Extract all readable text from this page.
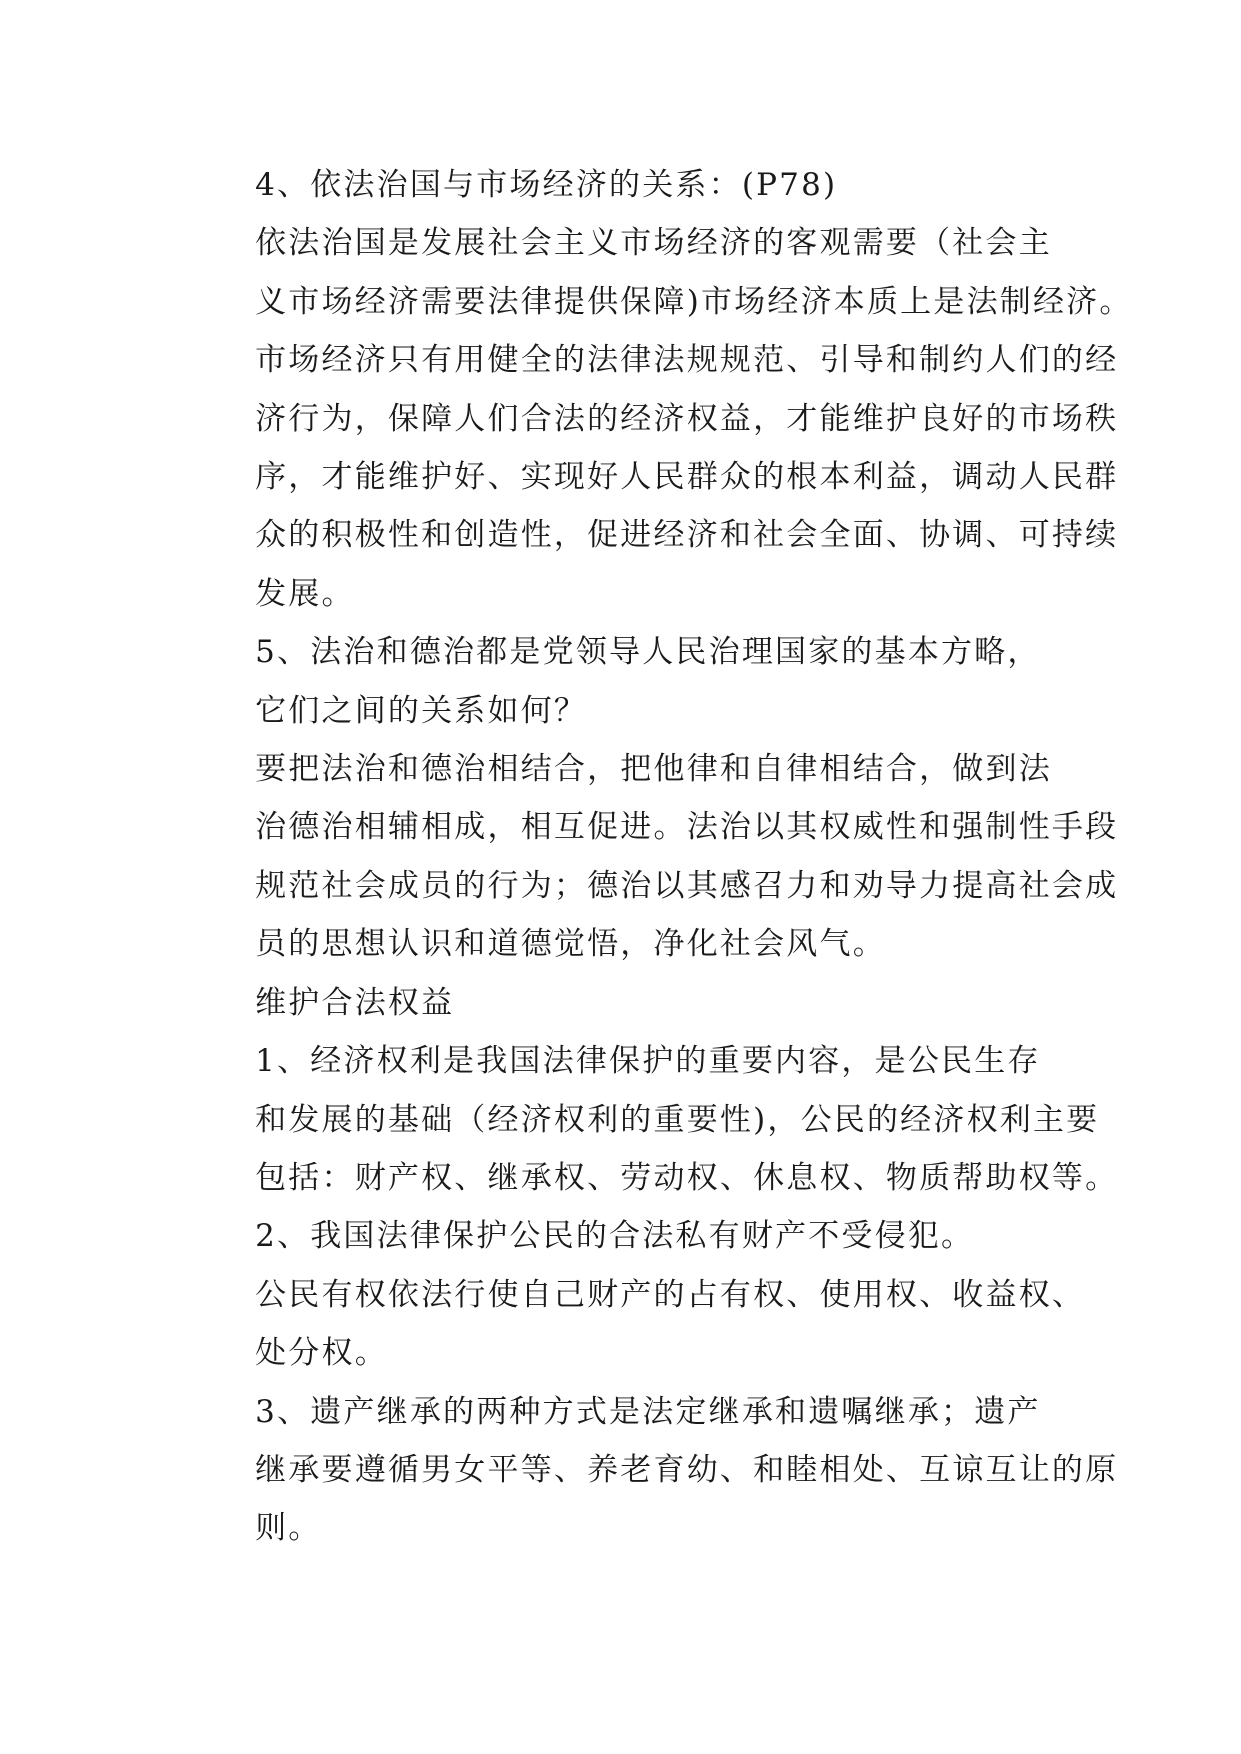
4、依法治国与市场经济的关系：(P78)

依法治国是发展社会主义市场经济的客观需要（社会主
义市场经济需要法律提供保障)市场经济本质上是法制经济。
市场经济只有用健全的法律法规规范、引导和制约人们的经
济行为，保障人们合法的经济权益，才能维护良好的市场秩
序，才能维护好、实现好人民群众的根本利益，调动人民群
众的积极性和创造性，促进经济和社会全面、协调、可持续
发展。

5、法治和德治都是党领导人民治理国家的基本方略，
它们之间的关系如何？

要把法治和德治相结合，把他律和自律相结合，做到法
治德治相辅相成，相互促进。法治以其权威性和强制性手段
规范社会成员的行为；德治以其感召力和劝导力提高社会成
员的思想认识和道德觉悟，净化社会风气。

维护合法权益

1、经济权利是我国法律保护的重要内容，是公民生存
和发展的基础（经济权利的重要性)，公民的经济权利主要
包括：财产权、继承权、劳动权、休息权、物质帮助权等。

2、我国法律保护公民的合法私有财产不受侵犯。

公民有权依法行使自己财产的占有权、使用权、收益权、
处分权。

3、遗产继承的两种方式是法定继承和遗嘱继承；遗产
继承要遵循男女平等、养老育幼、和睦相处、互谅互让的原
则。
